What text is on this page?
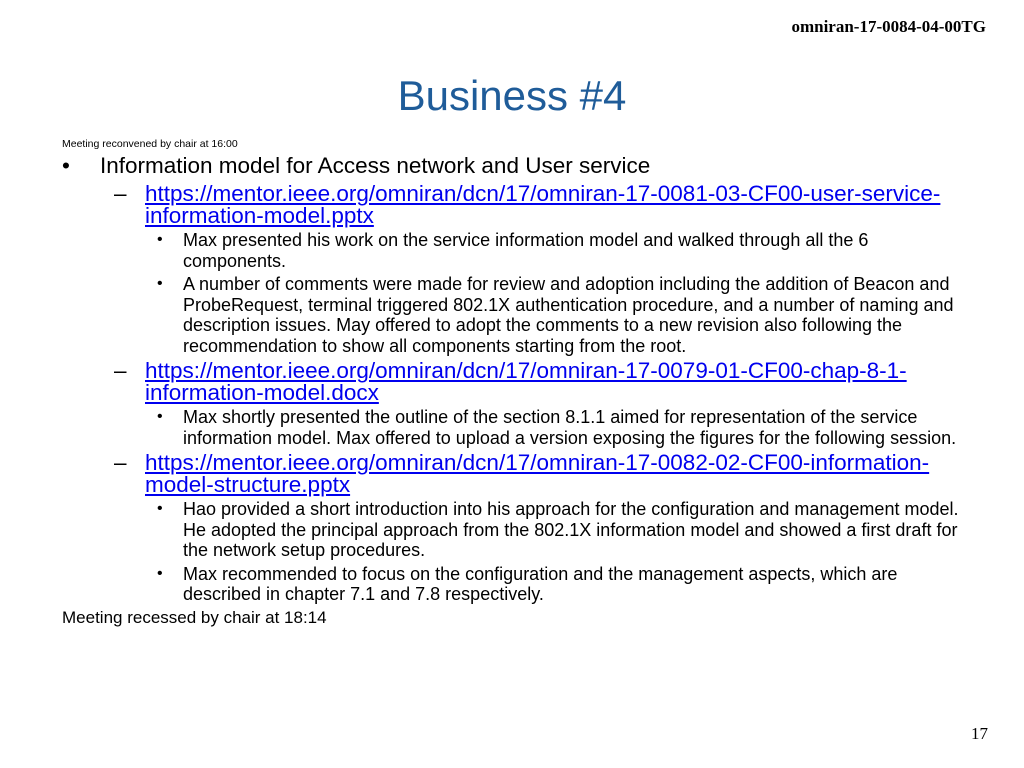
omniran-17-0084-04-00TG
Business #4

Meeting reconvened by chair at 16:00

•	Information model for Access network and User service
– https://mentor.ieee.org/omniran/dcn/17/omniran-17-0081-03-CF00-user-service-information-model.pptx
•	Max presented his work on the service information model and walked through all the 6 components.
•	A number of comments were made for review and adoption including the addition of Beacon and ProbeRequest, terminal triggered 802.1X authentication procedure, and a number of naming and description issues. May offered to adopt the comments to a new revision also following the recommendation to show all components starting from the root.
– https://mentor.ieee.org/omniran/dcn/17/omniran-17-0079-01-CF00-chap-8-1-information-model.docx
•	Max shortly presented the outline of the section 8.1.1 aimed for representation of the service information model. Max offered to upload a version exposing the figures for the following session.
– https://mentor.ieee.org/omniran/dcn/17/omniran-17-0082-02-CF00-information-model-structure.pptx
•	Hao provided a short introduction into his approach for the configuration and management model. He adopted the principal approach from the 802.1X information model and showed a first draft for the network setup procedures.
•	Max recommended to focus on the configuration and the management aspects, which are described in chapter 7.1 and 7.8 respectively.
Meeting recessed by chair at 18:14
17
